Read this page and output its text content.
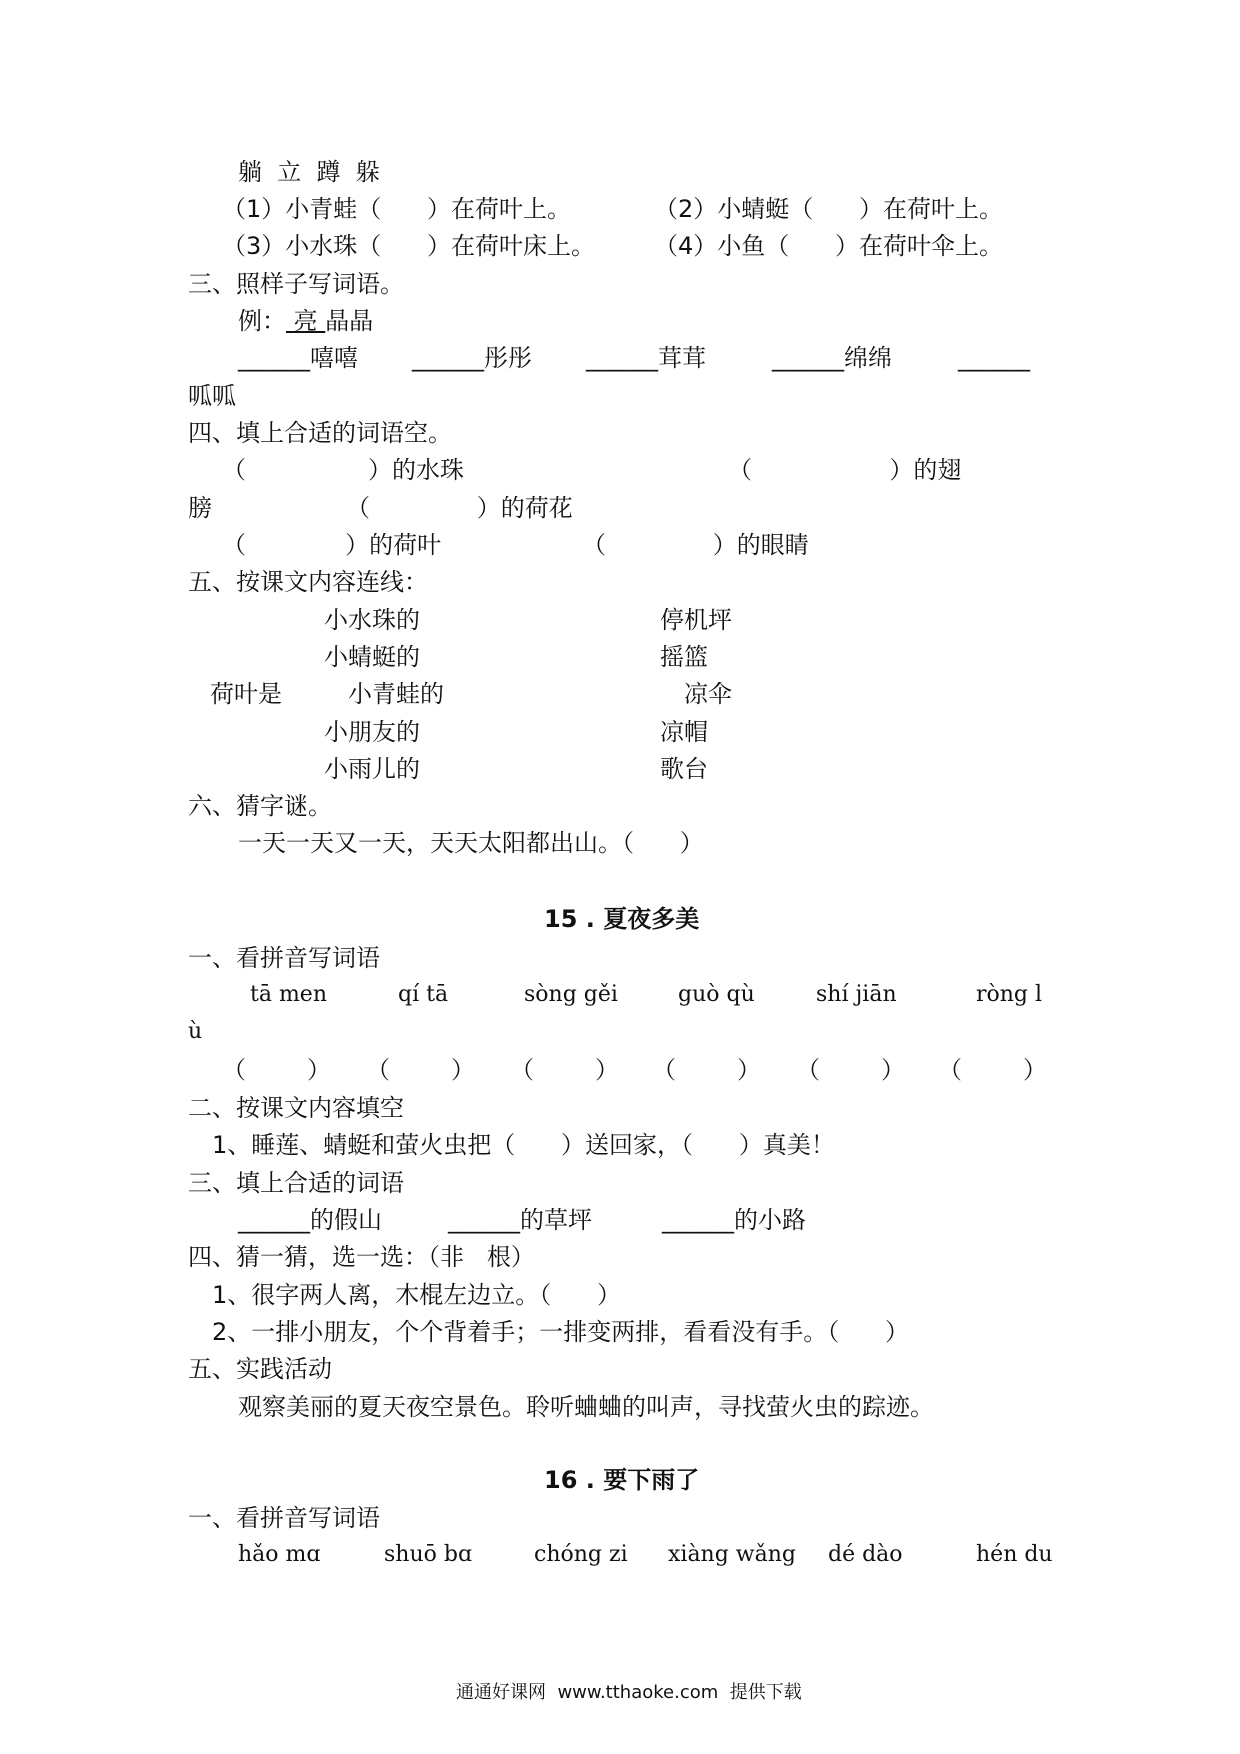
躺  立  蹲  躲
（1）小青蛙（      ）在荷叶上。	（2）小蜻蜓（      ）在荷叶上。
（3）小水珠（      ）在荷叶床上。 （4）小鱼（      ）在荷叶伞上。
三、照样子写词语。
例： 亮 晶晶
______嘻嘻 ______彤彤 ______茸茸	______绵绵	______
呱呱
四、填上合适的词语空。
（                ）的水珠	（                  ）的翅
膀	（              ）的荷花
（             ）的荷叶	（              ）的眼睛
五、按课文内容连线：
小水珠的
小蜻蜓的
荷叶是	小青蛙的
小朋友的
小雨儿的
停机坪
摇篮
凉伞
凉帽
歌台
六、猜字谜。
一天一天又一天，天天太阳都出山。（      ）
15 . 夏夜多美
一、看拼音写词语
tā men	qí tā	sòng gěi	guò qù	shí jiān	ròng l
ù
（        ） （        ） （        ） （        ） （        ） （        ）
二、按课文内容填空
1、睡莲、蜻蜓和萤火虫把（      ）送回家，（      ）真美！
三、填上合适的词语
______的假山	______的草坪	______的小路
四、猜一猜，选一选：（非   根）
1、很字两人离，木棍左边立。（      ）
2、一排小朋友，个个背着手；一排变两排，看看没有手。（      ）
五、实践活动
观察美丽的夏天夜空景色。聆听蛐蛐的叫声，寻找萤火虫的踪迹。
16 . 要下雨了
一、看拼音写词语
hǎo mɑ	shuō bɑ	chóng zi xiàng wǎng dé dào	hén du
通通好课网  www.tthaoke.com  提供下载
